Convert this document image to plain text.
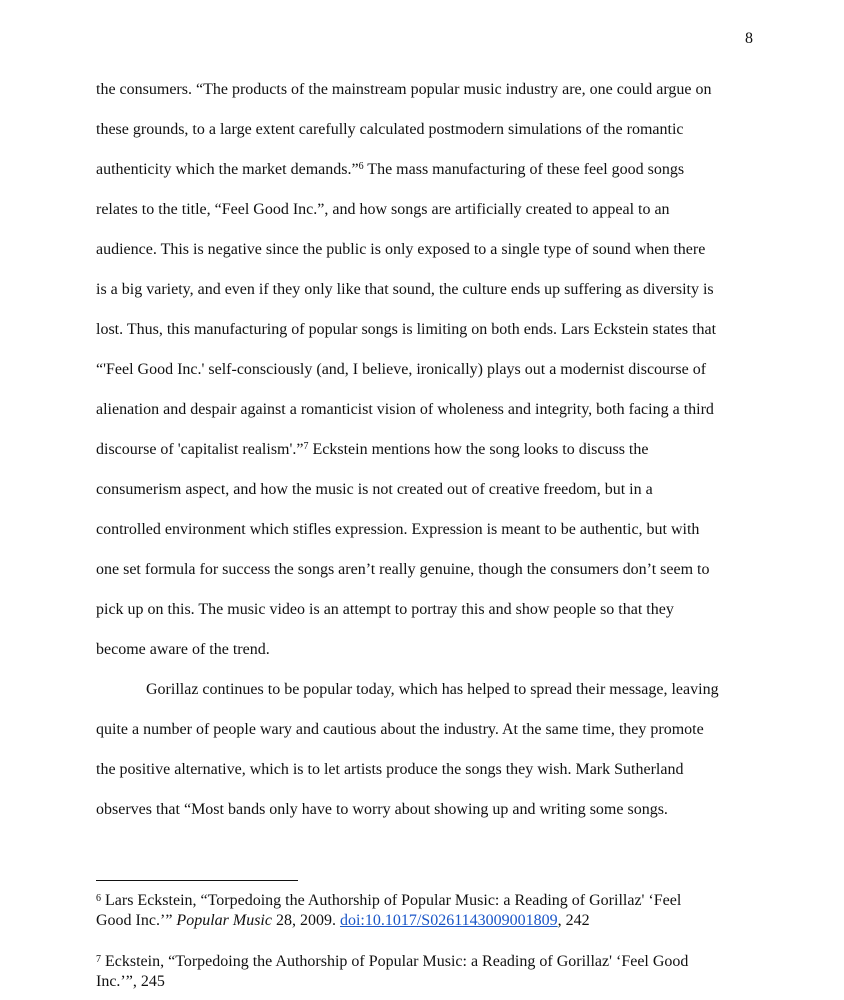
8
the consumers. “The products of the mainstream popular music industry are, one could argue on
these grounds, to a large extent carefully calculated postmodern simulations of the romantic
authenticity which the market demands.”$^6$ The mass manufacturing of these feel good songs
relates to the title, “Feel Good Inc.”, and how songs are artificially created to appeal to an
audience. This is negative since the public is only exposed to a single type of sound when there
is a big variety, and even if they only like that sound, the culture ends up suffering as diversity is
lost. Thus, this manufacturing of popular songs is limiting on both ends. Lars Eckstein states that
“'Feel Good Inc.' self-consciously (and, I believe, ironically) plays out a modernist discourse of
alienation and despair against a romanticist vision of wholeness and integrity, both facing a third
discourse of 'capitalist realism'.”$^7$ Eckstein mentions how the song looks to discuss the
consumerism aspect, and how the music is not created out of creative freedom, but in a
controlled environment which stifles expression. Expression is meant to be authentic, but with
one set formula for success the songs aren’t really genuine, though the consumers don’t seem to
pick up on this. The music video is an attempt to portray this and show people so that they
become aware of the trend.
Gorillaz continues to be popular today, which has helped to spread their message, leaving
quite a number of people wary and cautious about the industry. At the same time, they promote
the positive alternative, which is to let artists produce the songs they wish. Mark Sutherland
observes that “Most bands only have to worry about showing up and writing some songs.
$^6$ Lars Eckstein, “Torpedoing the Authorship of Popular Music: a Reading of Gorillaz' ‘Feel
Good Inc.’” Popular Music 28, 2009. doi:10.1017/S0261143009001809, 242
$^7$ Eckstein, “Torpedoing the Authorship of Popular Music: a Reading of Gorillaz' ‘Feel Good
Inc.’”, 245
